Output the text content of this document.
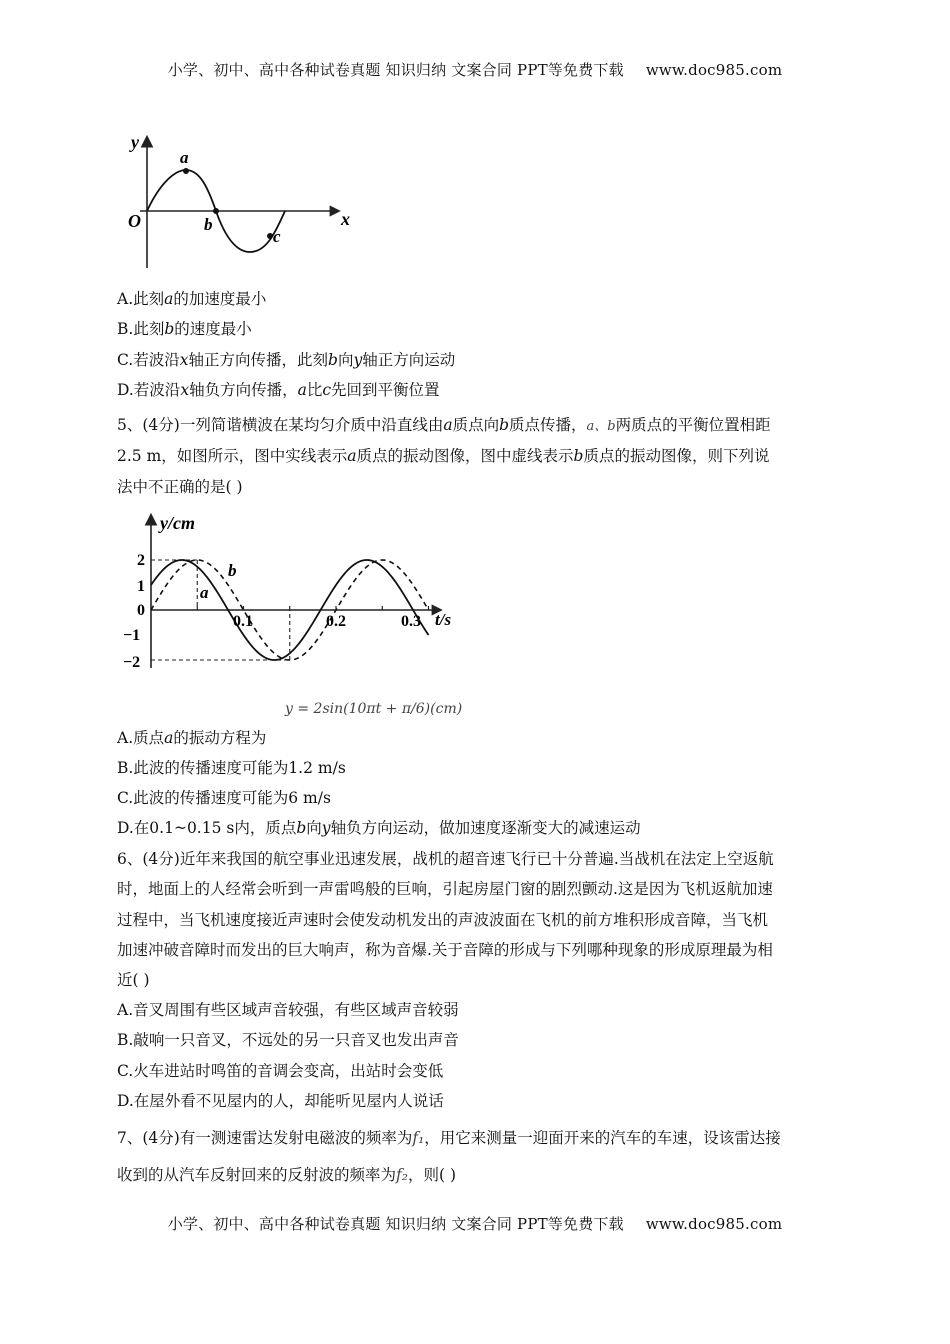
小学、初中、高中各种试卷真题 知识归纳 文案合同 PPT等免费下载 www.doc985.com
y
x
O
a
b
c
A.此刻a的加速度最小
B.此刻b的速度最小
C.若波沿x轴正方向传播，此刻b向y轴正方向运动
D.若波沿x轴负方向传播，a比c先回到平衡位置
5、(4分)一列简谐横波在某均匀介质中沿直线由a质点向b质点传播，a、b两质点的平衡位置相距
2.5 m，如图所示，图中实线表示a质点的振动图像，图中虚线表示b质点的振动图像，则下列说
法中不正确的是( )
y/cm
t/s
2
1
0
−1
−2
0.1	0.2	0.3
a
b
y = 2sin(10πt + π/6)(cm)
A.质点a的振动方程为
B.此波的传播速度可能为1.2 m/s
C.此波的传播速度可能为6 m/s
D.在0.1~0.15 s内，质点b向y轴负方向运动，做加速度逐渐变大的减速运动
6、(4分)近年来我国的航空事业迅速发展，战机的超音速飞行已十分普遍.当战机在法定上空返航
时，地面上的人经常会听到一声雷鸣般的巨响，引起房屋门窗的剧烈颤动.这是因为飞机返航加速
过程中，当飞机速度接近声速时会使发动机发出的声波波面在飞机的前方堆积形成音障，当飞机
加速冲破音障时而发出的巨大响声，称为音爆.关于音障的形成与下列哪种现象的形成原理最为相
近( )
A.音叉周围有些区域声音较强，有些区域声音较弱
B.敲响一只音叉，不远处的另一只音叉也发出声音
C.火车进站时鸣笛的音调会变高，出站时会变低
D.在屋外看不见屋内的人，却能听见屋内人说话
7、(4分)有一测速雷达发射电磁波的频率为f₁，用它来测量一迎面开来的汽车的车速，设该雷达接
收到的从汽车反射回来的反射波的频率为f₂，则( )
小学、初中、高中各种试卷真题 知识归纳 文案合同 PPT等免费下载 www.doc985.com
